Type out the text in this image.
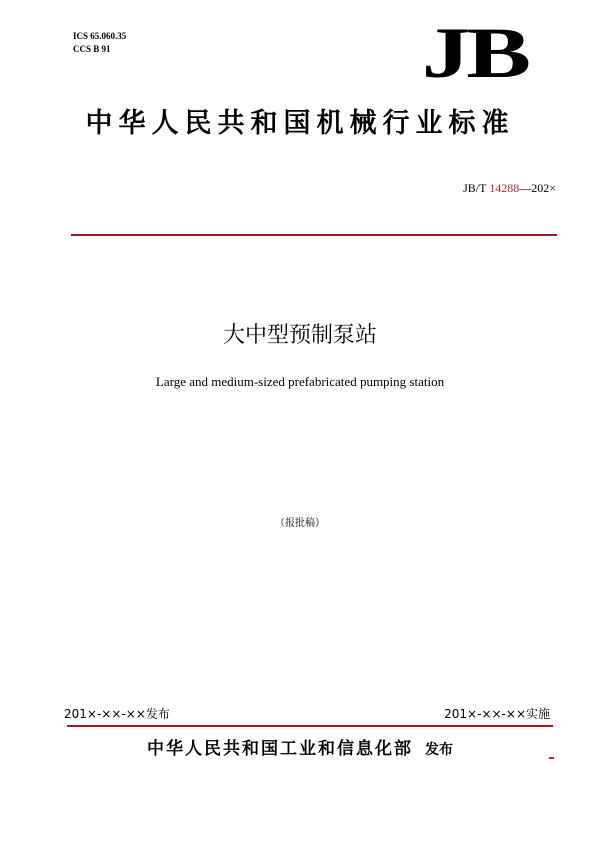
ICS 65.060.35
CCS B 91	JB
中华人民共和国机械行业标准
JB/T 14288—202×
大中型预制泵站
Large and medium-sized prefabricated pumping station
（报批稿）
201×-××-××发布	201×-××-××实施
中华人民共和国工业和信息化部 发布
